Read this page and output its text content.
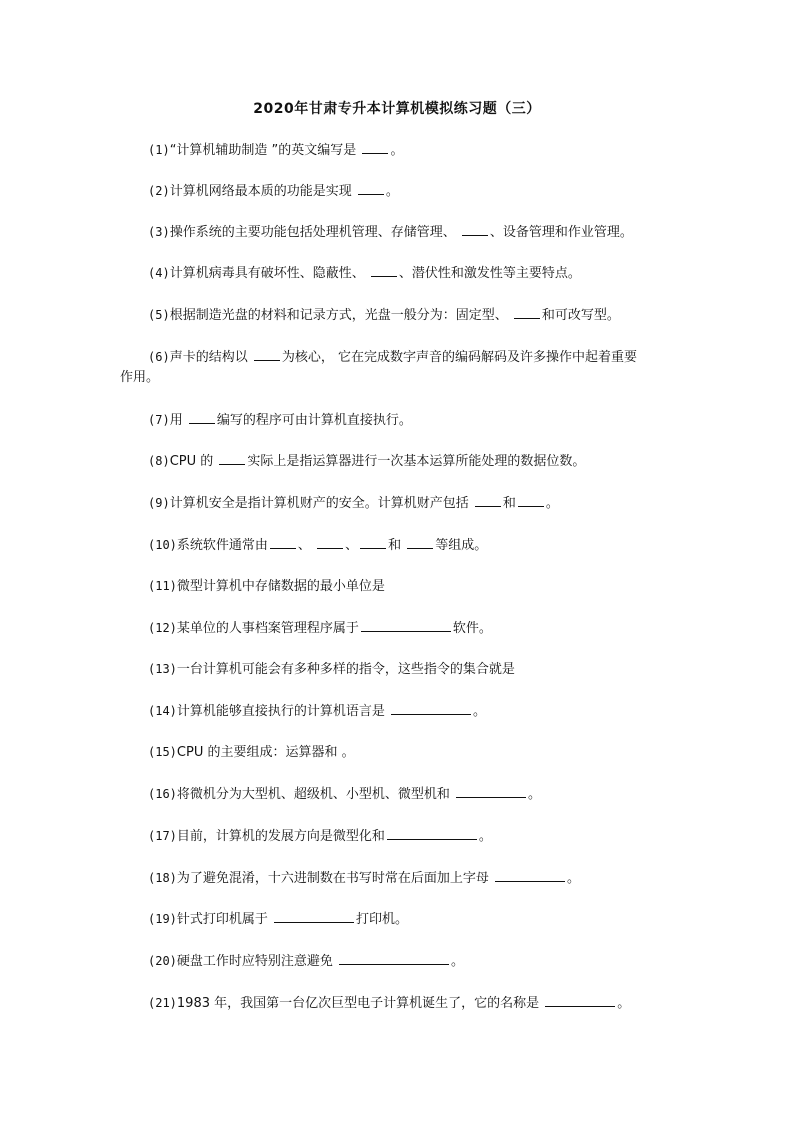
2020年甘肃专升本计算机模拟练习题（三）
(1)“计算机辅助制造 ”的英文编写是 。
(2)计算机网络最本质的功能是实现 。
(3)操作系统的主要功能包括处理机管理、存储管理、 、设备管理和作业管理。
(4)计算机病毒具有破坏性、隐蔽性、 、潜伏性和激发性等主要特点。
(5)根据制造光盘的材料和记录方式，光盘一般分为：固定型、 和可改写型。
(6)声卡的结构以 为核心， 它在完成数字声音的编码解码及许多操作中起着重要
作用。
(7)用 编写的程序可由计算机直接执行。
(8)CPU 的 实际上是指运算器进行一次基本运算所能处理的数据位数。
(9)计算机安全是指计算机财产的安全。计算机财产包括 和 。
(10)系统软件通常由 、 、 和 等组成。
(11)微型计算机中存储数据的最小单位是
(12)某单位的人事档案管理程序属于	软件。
(13)一台计算机可能会有多种多样的指令，这些指令的集合就是
(14)计算机能够直接执行的计算机语言是	。
(15)CPU 的主要组成：运算器和 。
(16)将微机分为大型机、超级机、小型机、微型机和	。
(17)目前，计算机的发展方向是微型化和	。
(18)为了避免混淆，十六进制数在书写时常在后面加上字母	。
(19)针式打印机属于	打印机。
(20)硬盘工作时应特别注意避免	。
(21)1983 年，我国第一台亿次巨型电子计算机诞生了，它的名称是	。
